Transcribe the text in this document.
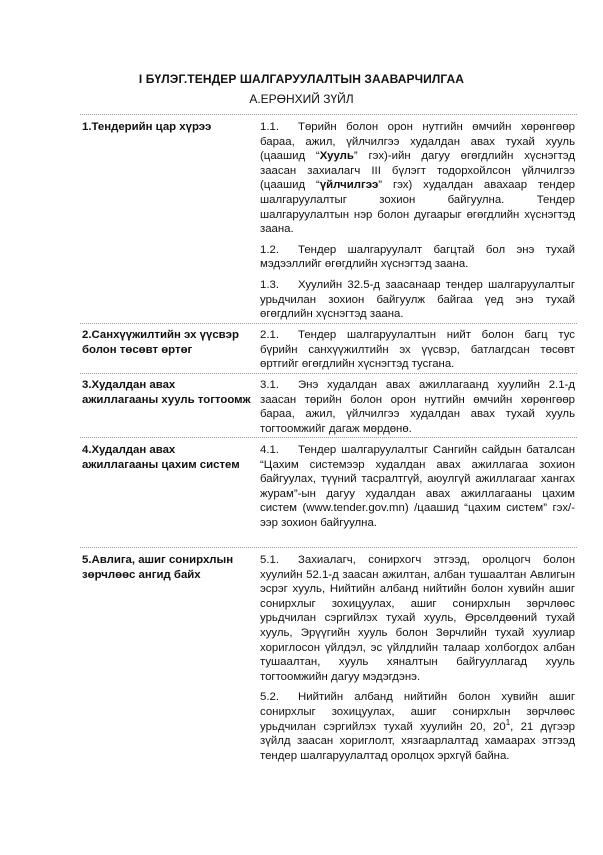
I БҮЛЭГ.ТЕНДЕР ШАЛГАРУУЛАЛТЫН ЗААВАРЧИЛГАА
А.ЕРӨНХИЙ ЗҮЙЛ
1.Тендерийн цар хүрээ	1.1. Төрийн болон орон нутгийн өмчийн хөрөнгөөр бараа, ажил, үйлчилгээ худалдан авах тухай хууль (цаашид “Хууль” гэх)-ийн дагуу өгөгдлийн хүснэгтэд заасан захиалагч III бүлэгт тодорхойлсон үйлчилгээ (цаашид “үйлчилгээ” гэх) худалдан авахаар тендер шалгаруулалтыг зохион байгуулна. Тендер шалгаруулалтын нэр болон дугаарыг өгөгдлийн хүснэгтэд заана.

1.2. Тендер шалгаруулалт багцтай бол энэ тухай мэдээллийг өгөгдлийн хүснэгтэд заана.

1.3. Хуулийн 32.5-д заасанаар тендер шалгаруулалтыг урьдчилан зохион байгуулж байгаа үед энэ тухай өгөгдлийн хүснэгтэд заана.

2.Санхүүжилтийн эх үүсвэр болон төсөвт өртөг

2.1. Тендер шалгаруулалтын нийт болон багц тус бүрийн санхүүжилтийн эх үүсвэр, батлагдсан төсөвт өртгийг өгөгдлийн хүснэгтэд тусгана.

3.Худалдан авах ажиллагааны хууль тогтоомж

3.1. Энэ худалдан авах ажиллагаанд хуулийн 2.1-д заасан төрийн болон орон нутгийн өмчийн хөрөнгөөр бараа, ажил, үйлчилгээ худалдан авах тухай хууль тогтоомжийг дагаж мөрдөнө.

4.Худалдан авах ажиллагааны цахим систем

4.1. Тендер шалгаруулалтыг Сангийн сайдын баталсан “Цахим системээр худалдан авах ажиллагаа зохион байгуулах, түүний тасралтгүй, аюулгүй ажиллагааг хангах журам”-ын дагуу худалдан авах ажиллагааны цахим систем (www.tender.gov.mn) /цаашид “цахим систем” гэх/-ээр зохион байгуулна.

5.Авлига, ашиг сонирхлын зөрчлөөс ангид байх

5.1. Захиалагч, сонирхогч этгээд, оролцогч болон хуулийн 52.1-д заасан ажилтан, албан тушаалтан Авлигын эсрэг хууль, Нийтийн албанд нийтийн болон хувийн ашиг сонирхлыг зохицуулах, ашиг сонирхлын зөрчлөөс урьдчилан сэргийлэх тухай хууль, Өрсөлдөөний тухай хууль, Эрүүгийн хууль болон Зөрчлийн тухай хуулиар хориглосон үйлдэл, эс үйлдлийн талаар холбогдох албан тушаалтан, хууль хяналтын байгууллагад хууль тогтоомжийн дагуу мэдэгдэнэ.

5.2. Нийтийн албанд нийтийн болон хувийн ашиг сонирхлыг зохицуулах, ашиг сонирхлын зөрчлөөс урьдчилан сэргийлэх тухай хуулийн 20, $20^1$, 21 дүгээр зүйлд заасан хориглолт, хязгаарлалтад хамаарах этгээд тендер шалгаруулалтад оролцох эрхгүй байна.
